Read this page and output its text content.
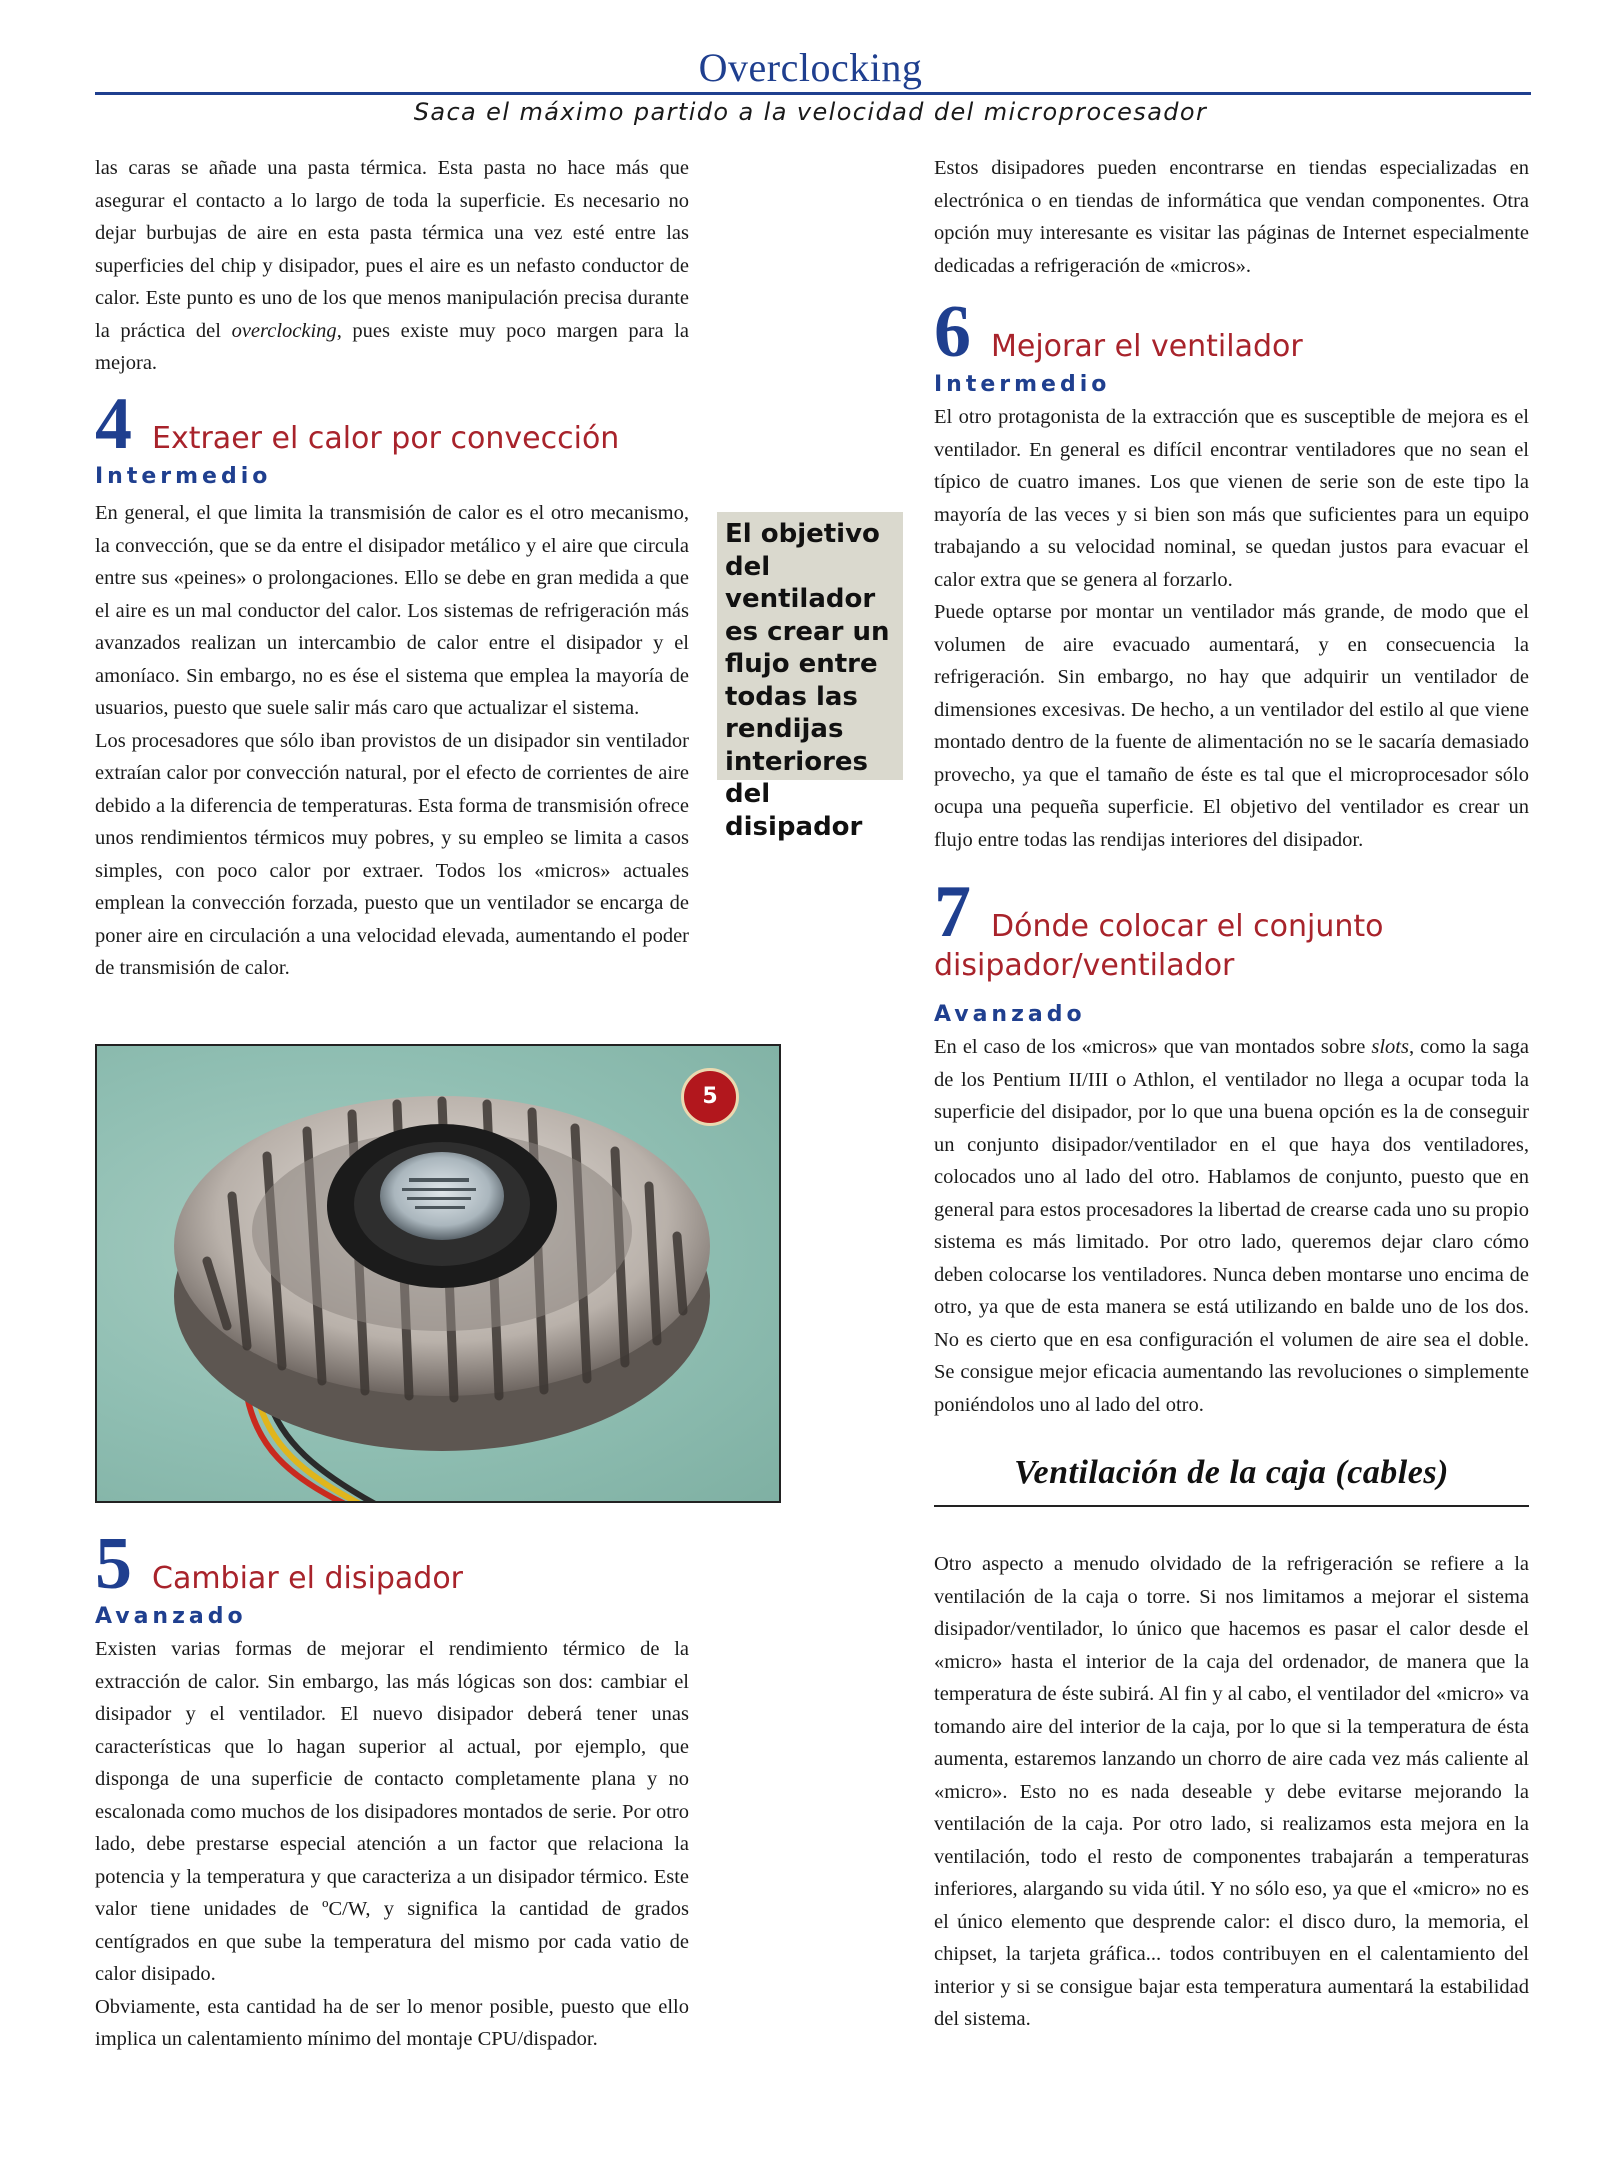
Overclocking
Saca el máximo partido a la velocidad del microprocesador

las caras se añade una pasta térmica. Esta pasta no hace más que asegurar el contacto a lo largo de toda la superficie. Es necesario no dejar burbujas de aire en esta pasta térmica una vez esté entre las superficies del chip y disipador, pues el aire es un nefasto conductor de calor. Este punto es uno de los que menos manipulación precisa durante la práctica del overclocking, pues existe muy poco margen para la mejora.

4 Extraer el calor por convección
Intermedio

En general, el que limita la transmisión de calor es el otro mecanismo, la convección, que se da entre el disipador metálico y el aire que circula entre sus «peines» o prolongaciones. Ello se debe en gran medida a que el aire es un mal conductor del calor. Los sistemas de refrigeración más avanzados realizan un intercambio de calor entre el disipador y el amoníaco. Sin embargo, no es ése el sistema que emplea la mayoría de usuarios, puesto que suele salir más caro que actualizar el sistema.

Los procesadores que sólo iban provistos de un disipador sin ventilador extraían calor por convección natural, por el efecto de corrientes de aire debido a la diferencia de temperaturas. Esta forma de transmisión ofrece unos rendimientos térmicos muy pobres, y su empleo se limita a casos simples, con poco calor por extraer. Todos los «micros» actuales emplean la convección forzada, puesto que un ventilador se encarga de poner aire en circulación a una velocidad elevada, aumentando el poder de transmisión de calor.

5
5 Cambiar el disipador
Avanzado

Existen varias formas de mejorar el rendimiento térmico de la extracción de calor. Sin embargo, las más lógicas son dos: cambiar el disipador y el ventilador. El nuevo disipador deberá tener unas características que lo hagan superior al actual, por ejemplo, que disponga de una superficie de contacto completamente plana y no escalonada como muchos de los disipadores montados de serie. Por otro lado, debe prestarse especial atención a un factor que relaciona la potencia y la temperatura y que caracteriza a un disipador térmico. Este valor tiene unidades de ºC/W, y significa la cantidad de grados centígrados en que sube la temperatura del mismo por cada vatio de calor disipado.

Obviamente, esta cantidad ha de ser lo menor posible, puesto que ello implica un calentamiento mínimo del montaje CPU/dispador.

El objetivo del ventilador es crear un flujo entre todas las rendijas interiores del disipador

Estos disipadores pueden encontrarse en tiendas especializadas en electrónica o en tiendas de informática que vendan componentes. Otra opción muy interesante es visitar las páginas de Internet especialmente dedicadas a refrigeración de «micros».

6 Mejorar el ventilador
Intermedio

El otro protagonista de la extracción que es susceptible de mejora es el ventilador. En general es difícil encontrar ventiladores que no sean el típico de cuatro imanes. Los que vienen de serie son de este tipo la mayoría de las veces y si bien son más que suficientes para un equipo trabajando a su velocidad nominal, se quedan justos para evacuar el calor extra que se genera al forzarlo.

Puede optarse por montar un ventilador más grande, de modo que el volumen de aire evacuado aumentará, y en consecuencia la refrigeración. Sin embargo, no hay que adquirir un ventilador de dimensiones excesivas. De hecho, a un ventilador del estilo al que viene montado dentro de la fuente de alimentación no se le sacaría demasiado provecho, ya que el tamaño de éste es tal que el microprocesador sólo ocupa una pequeña superficie. El objetivo del ventilador es crear un flujo entre todas las rendijas interiores del disipador.

7 Dónde colocar el conjunto
disipador/ventilador
Avanzado

En el caso de los «micros» que van montados sobre slots, como la saga de los Pentium II/III o Athlon, el ventilador no llega a ocupar toda la superficie del disipador, por lo que una buena opción es la de conseguir un conjunto disipador/ventilador en el que haya dos ventiladores, colocados uno al lado del otro. Hablamos de conjunto, puesto que en general para estos procesadores la libertad de crearse cada uno su propio sistema es más limitado. Por otro lado, queremos dejar claro cómo deben colocarse los ventiladores. Nunca deben montarse uno encima de otro, ya que de esta manera se está utilizando en balde uno de los dos. No es cierto que en esa configuración el volumen de aire sea el doble. Se consigue mejor eficacia aumentando las revoluciones o simplemente poniéndolos uno al lado del otro.

Ventilación de la caja (cables)

Otro aspecto a menudo olvidado de la refrigeración se refiere a la ventilación de la caja o torre. Si nos limitamos a mejorar el sistema disipador/ventilador, lo único que hacemos es pasar el calor desde el «micro» hasta el interior de la caja del ordenador, de manera que la temperatura de éste subirá. Al fin y al cabo, el ventilador del «micro» va tomando aire del interior de la caja, por lo que si la temperatura de ésta aumenta, estaremos lanzando un chorro de aire cada vez más caliente al «micro». Esto no es nada deseable y debe evitarse mejorando la ventilación de la caja. Por otro lado, si realizamos esta mejora en la ventilación, todo el resto de componentes trabajarán a temperaturas inferiores, alargando su vida útil. Y no sólo eso, ya que el «micro» no es el único elemento que desprende calor: el disco duro, la memoria, el chipset, la tarjeta gráfica... todos contribuyen en el calentamiento del interior y si se consigue bajar esta temperatura aumentará la estabilidad del sistema.
